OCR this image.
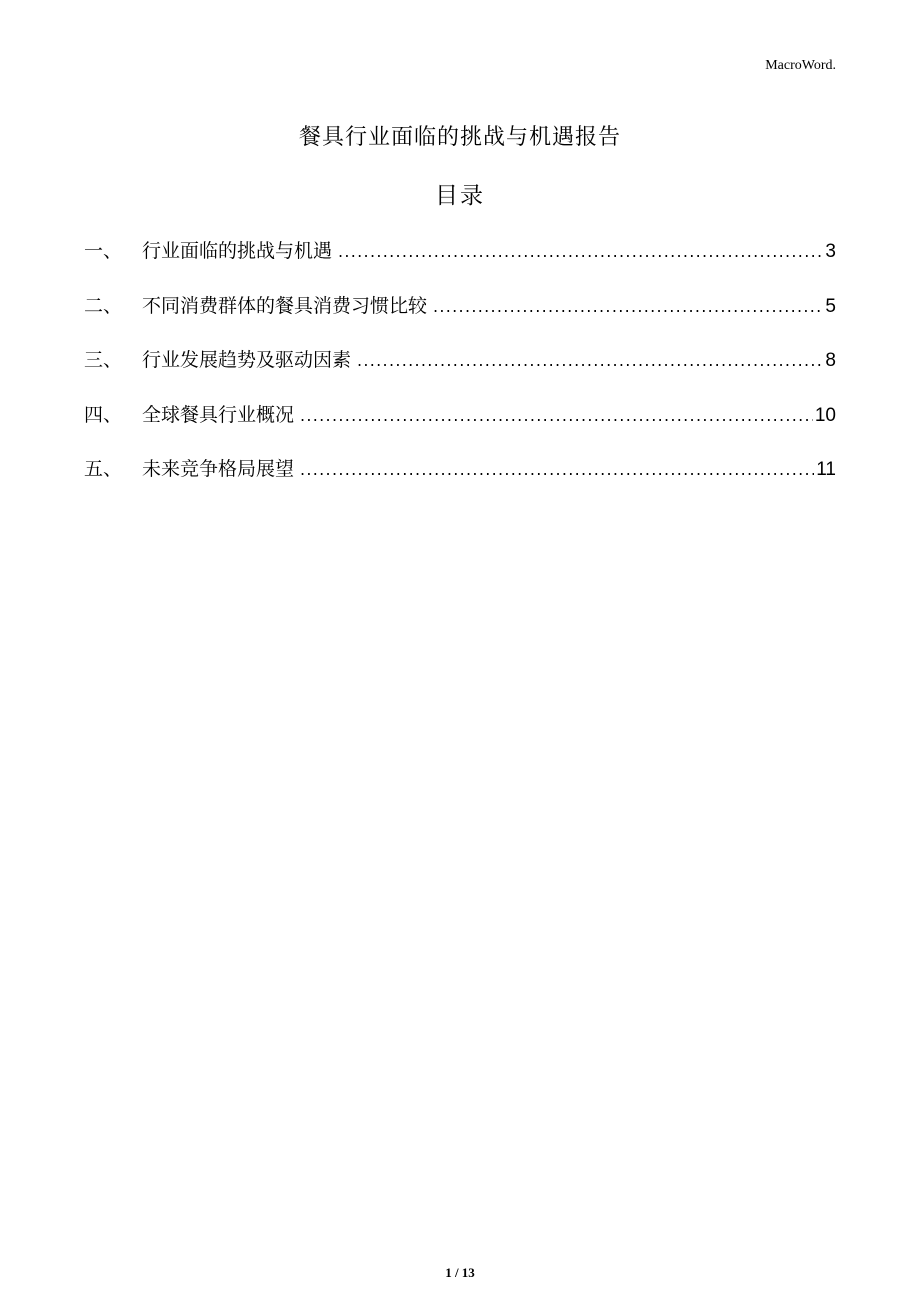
MacroWord.
餐具行业面临的挑战与机遇报告
目录
一、	行业面临的挑战与机遇 .....	3
二、	不同消费群体的餐具消费习惯比较 .....	5
三、	行业发展趋势及驱动因素 .....	8
四、	全球餐具行业概况 .....	10
五、	未来竞争格局展望 .....	11
1 / 13
